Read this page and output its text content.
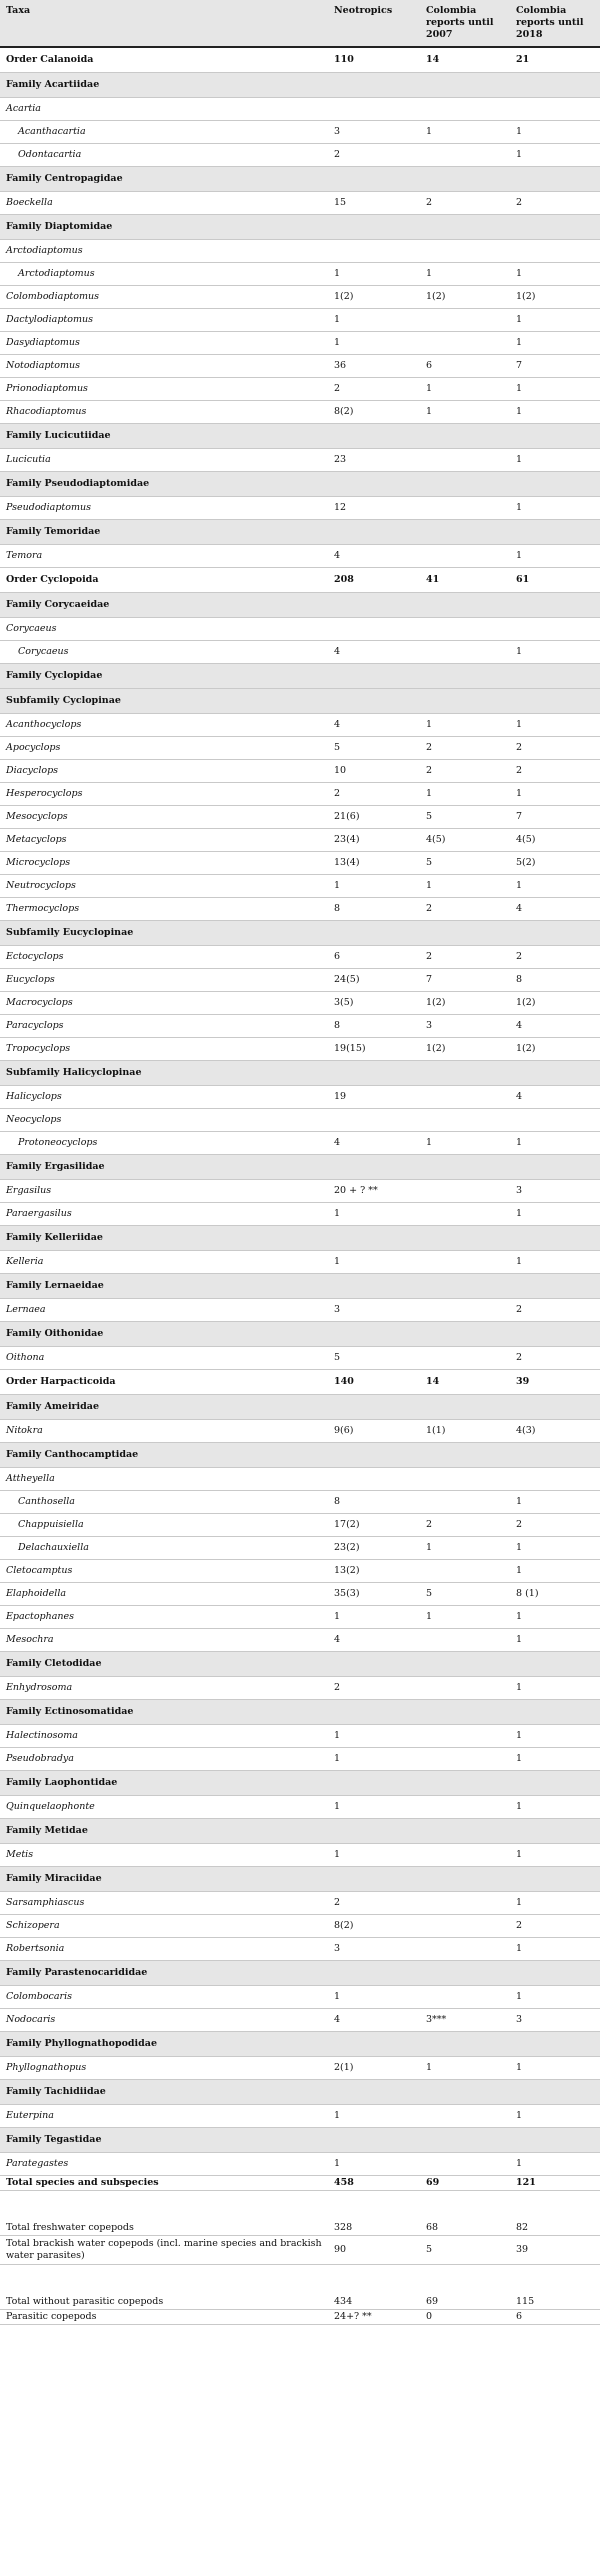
Taxa	Neotropics	Colombia reports until 2007	Colombia reports until 2018
Order Calanoida	110	14	21
Family Acartiidae			
Acartia			
Acanthacartia	3	1	1
Odontacartia	2		1
Family Centropagidae			
Boeckella	15	2	2
Family Diaptomidae			
Arctodiaptomus			
Arctodiaptomus	1	1	1
Colombodiaptomus	1(2)	1(2)	1(2)
Dactylodiaptomus	1		1
Dasydiaptomus	1		1
Notodiaptomus	36	6	7
Prionodiaptomus	2	1	1
Rhacodiaptomus	8(2)	1	1
Family Lucicutiidae			
Lucicutia	23		1
Family Pseudodiaptomidae			
Pseudodiaptomus	12		1
Family Temoridae			
Temora	4		1
Order Cyclopoida	208	41	61
Family Corycaeidae			
Corycaeus			
Corycaeus	4		1
Family Cyclopidae			
Subfamily Cyclopinae			
Acanthocyclops	4	1	1
Apocyclops	5	2	2
Diacyclops	10	2	2
Hesperocyclops	2	1	1
Mesocyclops	21(6)	5	7
Metacyclops	23(4)	4(5)	4(5)
Microcyclops	13(4)	5	5(2)
Neutrocyclops	1	1	1
Thermocyclops	8	2	4
Subfamily Eucyclopinae			
Ectocyclops	6	2	2
Eucyclops	24(5)	7	8
Macrocyclops	3(5)	1(2)	1(2)
Paracyclops	8	3	4
Tropocyclops	19(15)	1(2)	1(2)
Subfamily Halicyclopinae			
Halicyclops	19		4
Neocyclops			
Protoneocyclops	4	1	1
Family Ergasilidae			
Ergasilus	20 + ? **		3
Paraergasilus	1		1
Family Kelleriidae			
Kelleria	1		1
Family Lernaeidae			
Lernaea	3		2
Family Oithonidae			
Oithona	5		2
Order Harpacticoida	140	14	39
Family Ameiridae			
Nitokra	9(6)	1(1)	4(3)
Family Canthocamptidae			
Attheyella			
Canthosella	8		1
Chappuisiella	17(2)	2	2
Delachauxiella	23(2)	1	1
Cletocamptus	13(2)		1
Elaphoidella	35(3)	5	8 (1)
Epactophanes	1	1	1
Mesochra	4		1
Family Cletodidae			
Enhydrosoma	2		1
Family Ectinosomatidae			
Halectinosoma	1		1
Pseudobradya	1		1
Family Laophontidae			
Quinquelaophonte	1		1
Family Metidae			
Metis	1		1
Family Miraciidae			
Sarsamphiascus	2		1
Schizopera	8(2)		2
Robertsonia	3		1
Family Parastenocarididae			
Colombocaris	1		1
Nodocaris	4	3***	3
Family Phyllognathopodidae			
Phyllognathopus	2(1)	1	1
Family Tachidiidae			
Euterpina	1		1
Family Tegastidae			
Parategastes	1		1
Total species and subspecies	458	69	121

Total freshwater copepods	328	68	82
Total brackish water copepods (incl. marine species and brackish water parasites)	90	5	39

Total without parasitic copepods	434	69	115
Parasitic copepods	24+? **	0	6
